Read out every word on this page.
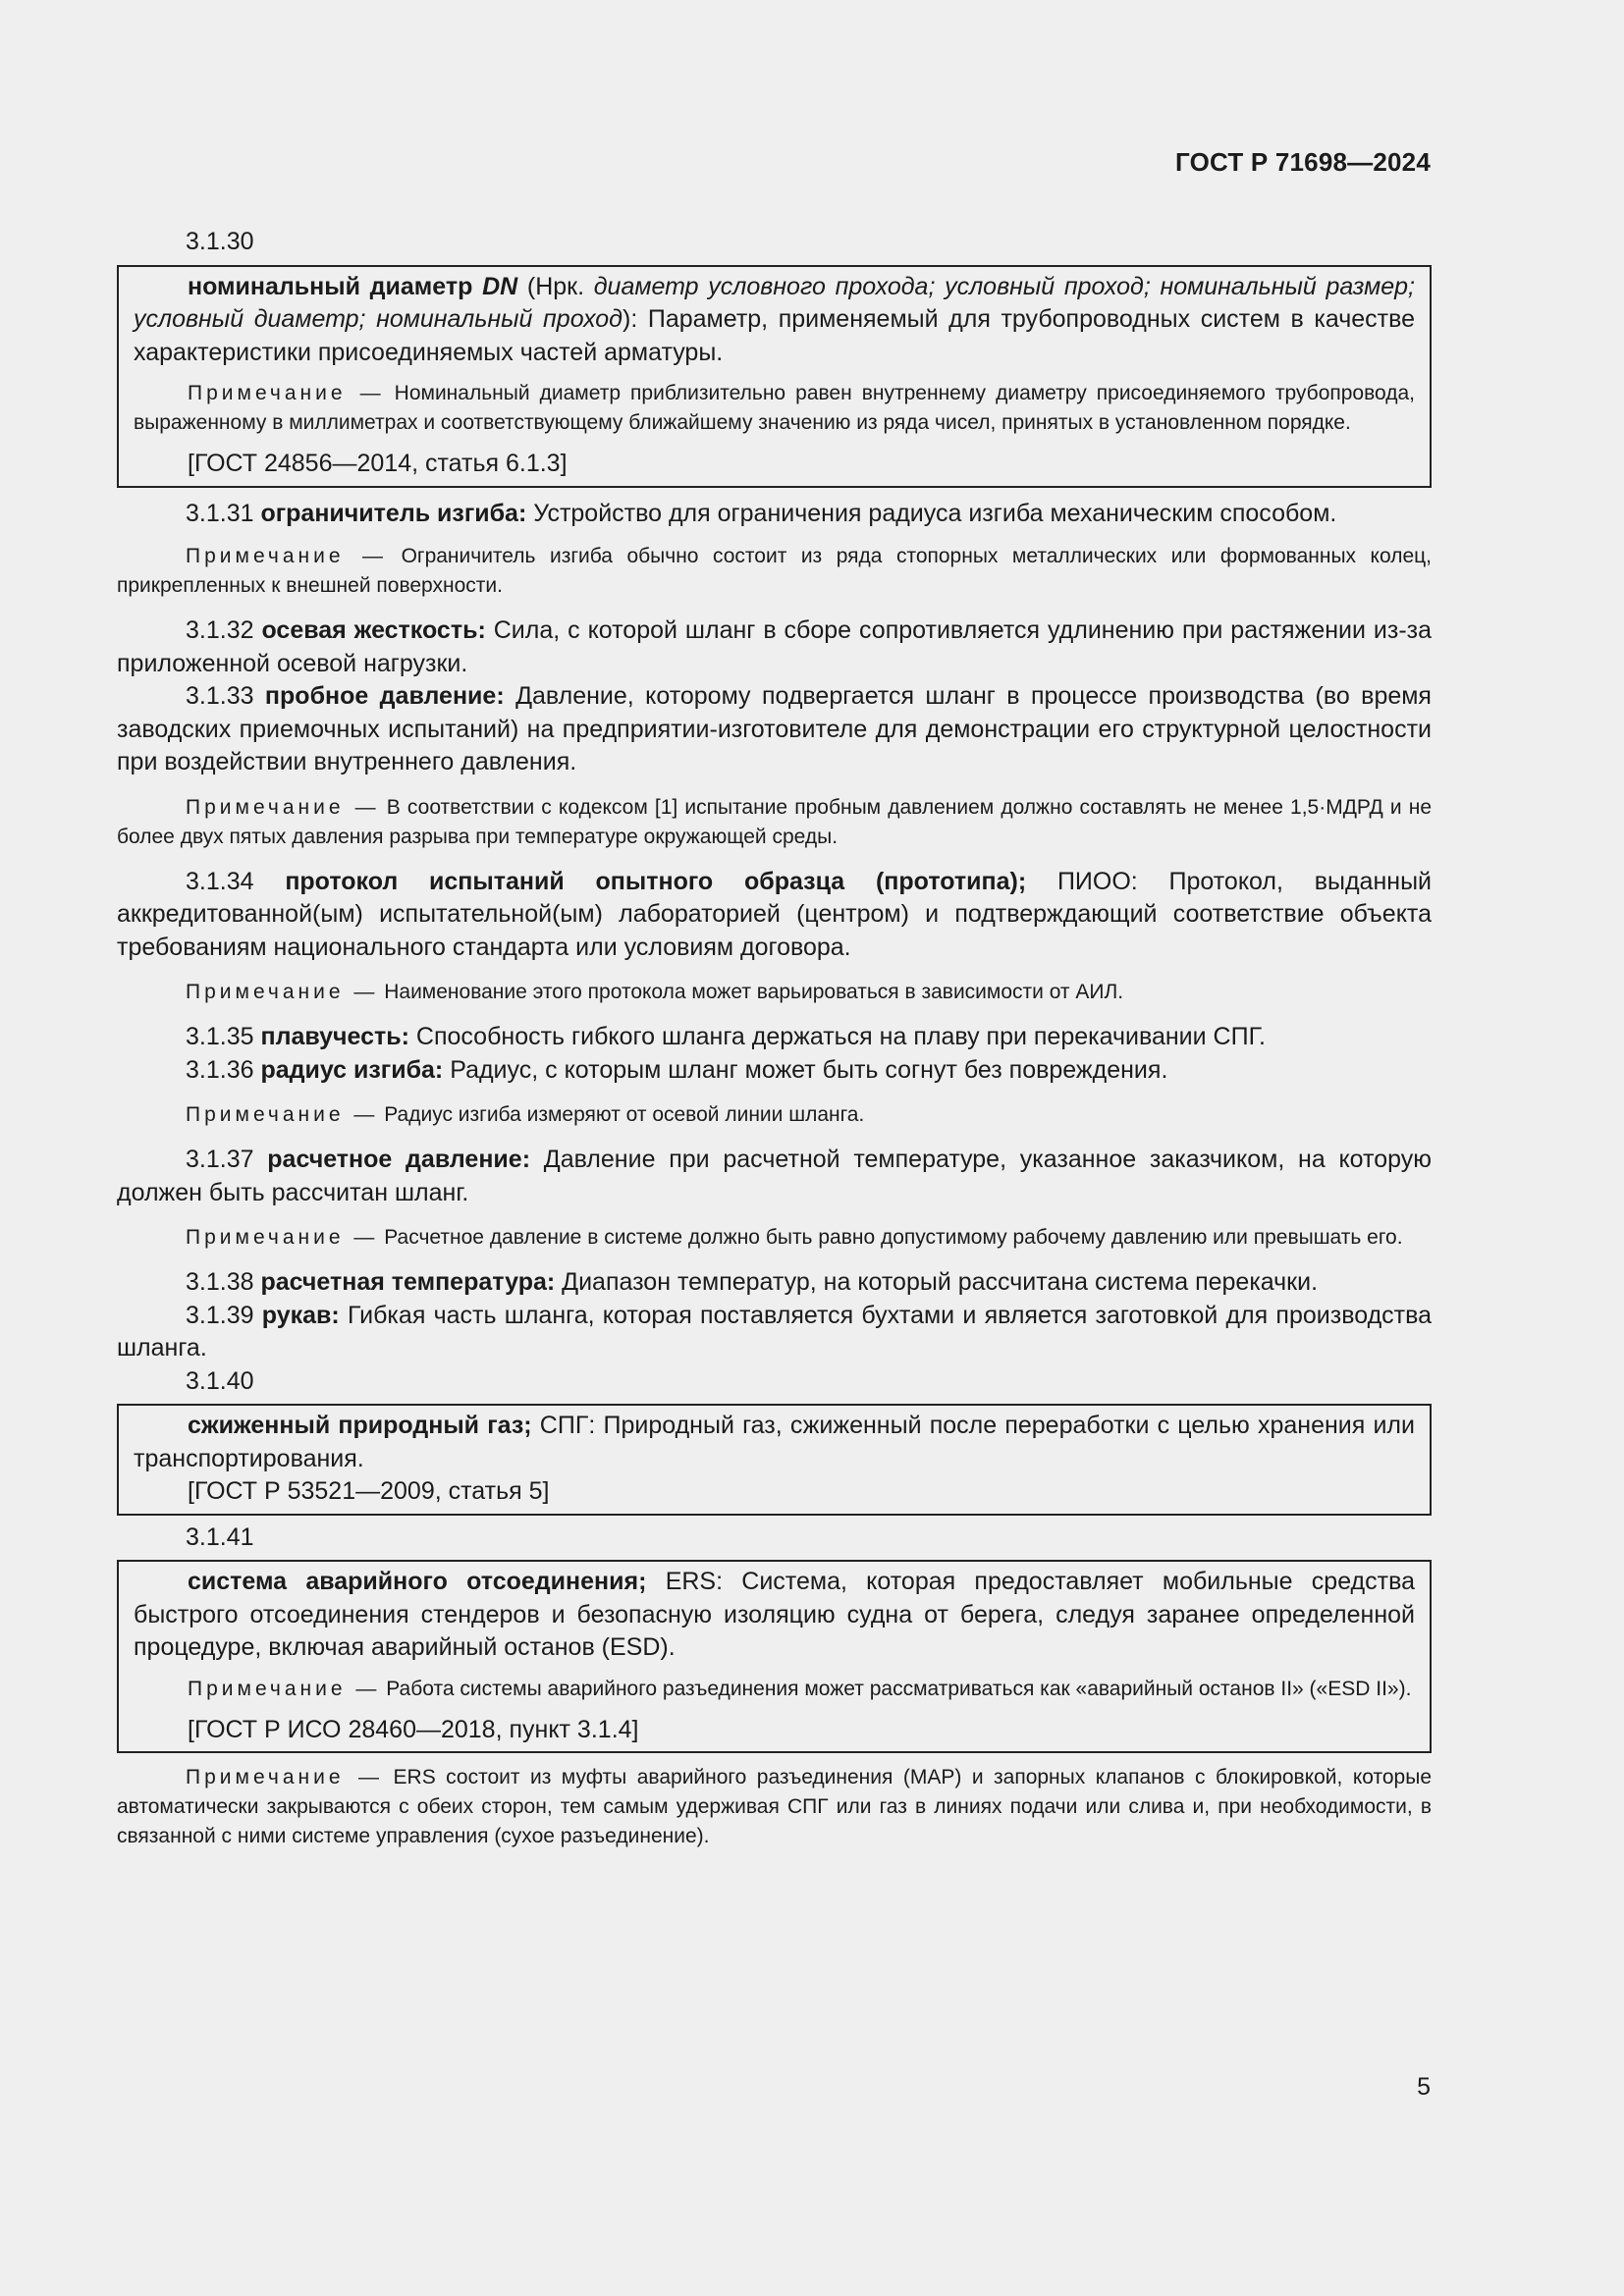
ГОСТ Р 71698—2024
3.1.30

номинальный диаметр DN (Нрк. диаметр условного прохода; условный проход; номинальный размер; условный диаметр; номинальный проход): Параметр, применяемый для трубопроводных систем в качестве характеристики присоединяемых частей арматуры.

Примечание — Номинальный диаметр приблизительно равен внутреннему диаметру присоединяемого трубопровода, выраженному в миллиметрах и соответствующему ближайшему значению из ряда чисел, принятых в установленном порядке.

[ГОСТ 24856—2014, статья 6.1.3]

3.1.31 ограничитель изгиба: Устройство для ограничения радиуса изгиба механическим способом.

Примечание — Ограничитель изгиба обычно состоит из ряда стопорных металлических или формованных колец, прикрепленных к внешней поверхности.

3.1.32 осевая жесткость: Сила, с которой шланг в сборе сопротивляется удлинению при растяжении из-за приложенной осевой нагрузки.

3.1.33 пробное давление: Давление, которому подвергается шланг в процессе производства (во время заводских приемочных испытаний) на предприятии-изготовителе для демонстрации его структурной целостности при воздействии внутреннего давления.

Примечание — В соответствии с кодексом [1] испытание пробным давлением должно составлять не менее 1,5·МДРД и не более двух пятых давления разрыва при температуре окружающей среды.

3.1.34 протокол испытаний опытного образца (прототипа); ПИОО: Протокол, выданный аккредитованной(ым) испытательной(ым) лабораторией (центром) и подтверждающий соответствие объекта требованиям национального стандарта или условиям договора.

Примечание — Наименование этого протокола может варьироваться в зависимости от АИЛ.

3.1.35 плавучесть: Способность гибкого шланга держаться на плаву при перекачивании СПГ.

3.1.36 радиус изгиба: Радиус, с которым шланг может быть согнут без повреждения.

Примечание — Радиус изгиба измеряют от осевой линии шланга.

3.1.37 расчетное давление: Давление при расчетной температуре, указанное заказчиком, на которую должен быть рассчитан шланг.

Примечание — Расчетное давление в системе должно быть равно допустимому рабочему давлению или превышать его.

3.1.38 расчетная температура: Диапазон температур, на который рассчитана система перекачки.

3.1.39 рукав: Гибкая часть шланга, которая поставляется бухтами и является заготовкой для производства шланга.

3.1.40

сжиженный природный газ; СПГ: Природный газ, сжиженный после переработки с целью хранения или транспортирования.

[ГОСТ Р 53521—2009, статья 5]

3.1.41

система аварийного отсоединения; ERS: Система, которая предоставляет мобильные средства быстрого отсоединения стендеров и безопасную изоляцию судна от берега, следуя заранее определенной процедуре, включая аварийный останов (ESD).

Примечание — Работа системы аварийного разъединения может рассматриваться как «аварийный останов II» («ESD II»).

[ГОСТ Р ИСО 28460—2018, пункт 3.1.4]

Примечание — ERS состоит из муфты аварийного разъединения (МАР) и запорных клапанов с блокировкой, которые автоматически закрываются с обеих сторон, тем самым удерживая СПГ или газ в линиях подачи или слива и, при необходимости, в связанной с ними системе управления (сухое разъединение).

5
